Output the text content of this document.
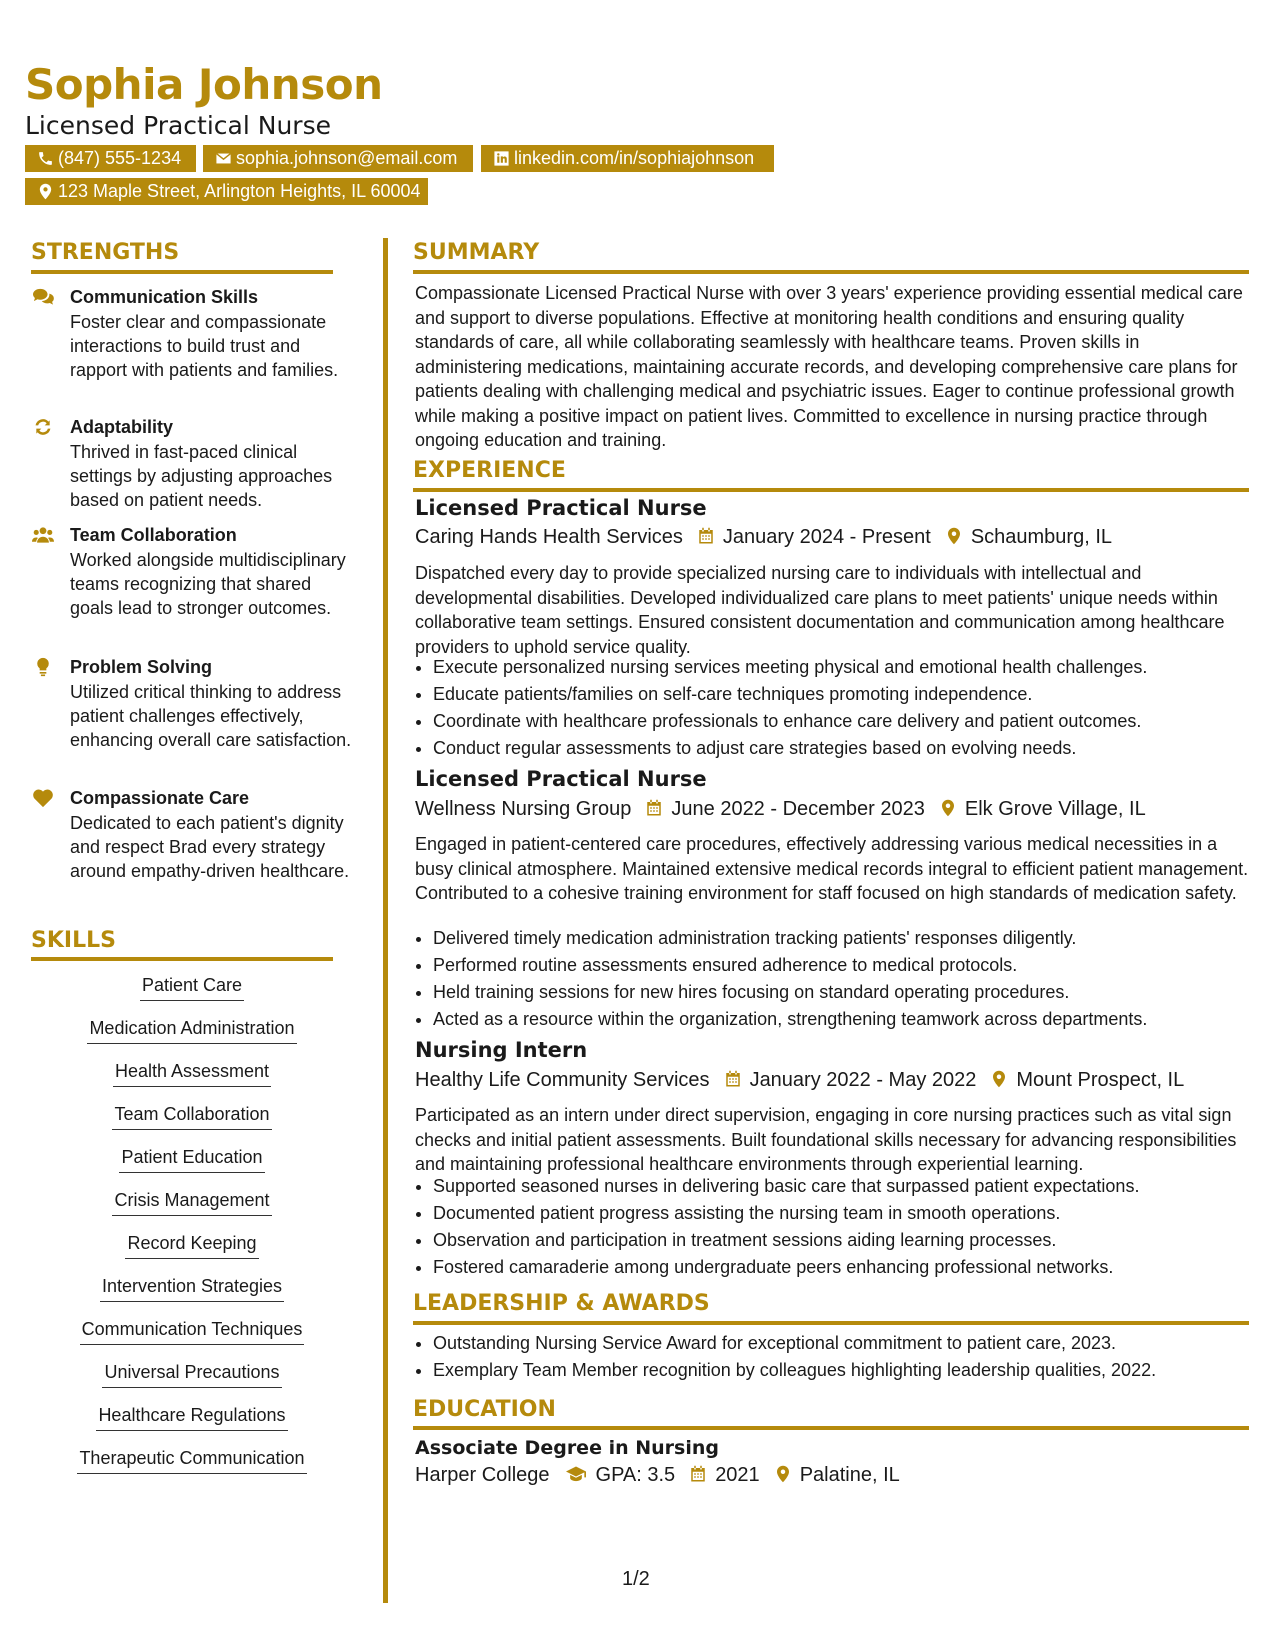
Sophia Johnson
Licensed Practical Nurse
(847) 555-1234	sophia.johnson@email.com	linkedin.com/in/sophiajohnson
123 Maple Street, Arlington Heights, IL 60004
STRENGTHS
Communication Skills
Foster clear and compassionate interactions to build trust and rapport with patients and families.
Adaptability
Thrived in fast-paced clinical settings by adjusting approaches based on patient needs.
Team Collaboration
Worked alongside multidisciplinary teams recognizing that shared goals lead to stronger outcomes.
Problem Solving
Utilized critical thinking to address patient challenges effectively, enhancing overall care satisfaction.
Compassionate Care
Dedicated to each patient's dignity and respect Brad every strategy around empathy-driven healthcare.
SKILLS
Patient Care
Medication Administration
Health Assessment
Team Collaboration
Patient Education
Crisis Management
Record Keeping
Intervention Strategies
Communication Techniques
Universal Precautions
Healthcare Regulations
Therapeutic Communication
SUMMARY
Compassionate Licensed Practical Nurse with over 3 years' experience providing essential medical care and support to diverse populations. Effective at monitoring health conditions and ensuring quality standards of care, all while collaborating seamlessly with healthcare teams. Proven skills in administering medications, maintaining accurate records, and developing comprehensive care plans for patients dealing with challenging medical and psychiatric issues. Eager to continue professional growth while making a positive impact on patient lives. Committed to excellence in nursing practice through ongoing education and training.
EXPERIENCE
Licensed Practical Nurse
Caring Hands Health Services January 2024 - Present Schaumburg, IL
Dispatched every day to provide specialized nursing care to individuals with intellectual and developmental disabilities. Developed individualized care plans to meet patients' unique needs within collaborative team settings. Ensured consistent documentation and communication among healthcare providers to uphold service quality.
• Execute personalized nursing services meeting physical and emotional health challenges.
• Educate patients/families on self-care techniques promoting independence.
• Coordinate with healthcare professionals to enhance care delivery and patient outcomes.
• Conduct regular assessments to adjust care strategies based on evolving needs.
Licensed Practical Nurse
Wellness Nursing Group June 2022 - December 2023 Elk Grove Village, IL
Engaged in patient-centered care procedures, effectively addressing various medical necessities in a busy clinical atmosphere. Maintained extensive medical records integral to efficient patient management. Contributed to a cohesive training environment for staff focused on high standards of medication safety.
• Delivered timely medication administration tracking patients' responses diligently.
• Performed routine assessments ensured adherence to medical protocols.
• Held training sessions for new hires focusing on standard operating procedures.
• Acted as a resource within the organization, strengthening teamwork across departments.
Nursing Intern
Healthy Life Community Services January 2022 - May 2022 Mount Prospect, IL
Participated as an intern under direct supervision, engaging in core nursing practices such as vital sign checks and initial patient assessments. Built foundational skills necessary for advancing responsibilities and maintaining professional healthcare environments through experiential learning.
• Supported seasoned nurses in delivering basic care that surpassed patient expectations.
• Documented patient progress assisting the nursing team in smooth operations.
• Observation and participation in treatment sessions aiding learning processes.
• Fostered camaraderie among undergraduate peers enhancing professional networks.
LEADERSHIP & AWARDS
• Outstanding Nursing Service Award for exceptional commitment to patient care, 2023.
• Exemplary Team Member recognition by colleagues highlighting leadership qualities, 2022.
EDUCATION
Associate Degree in Nursing
Harper College GPA: 3.5 2021 Palatine, IL
1/2
